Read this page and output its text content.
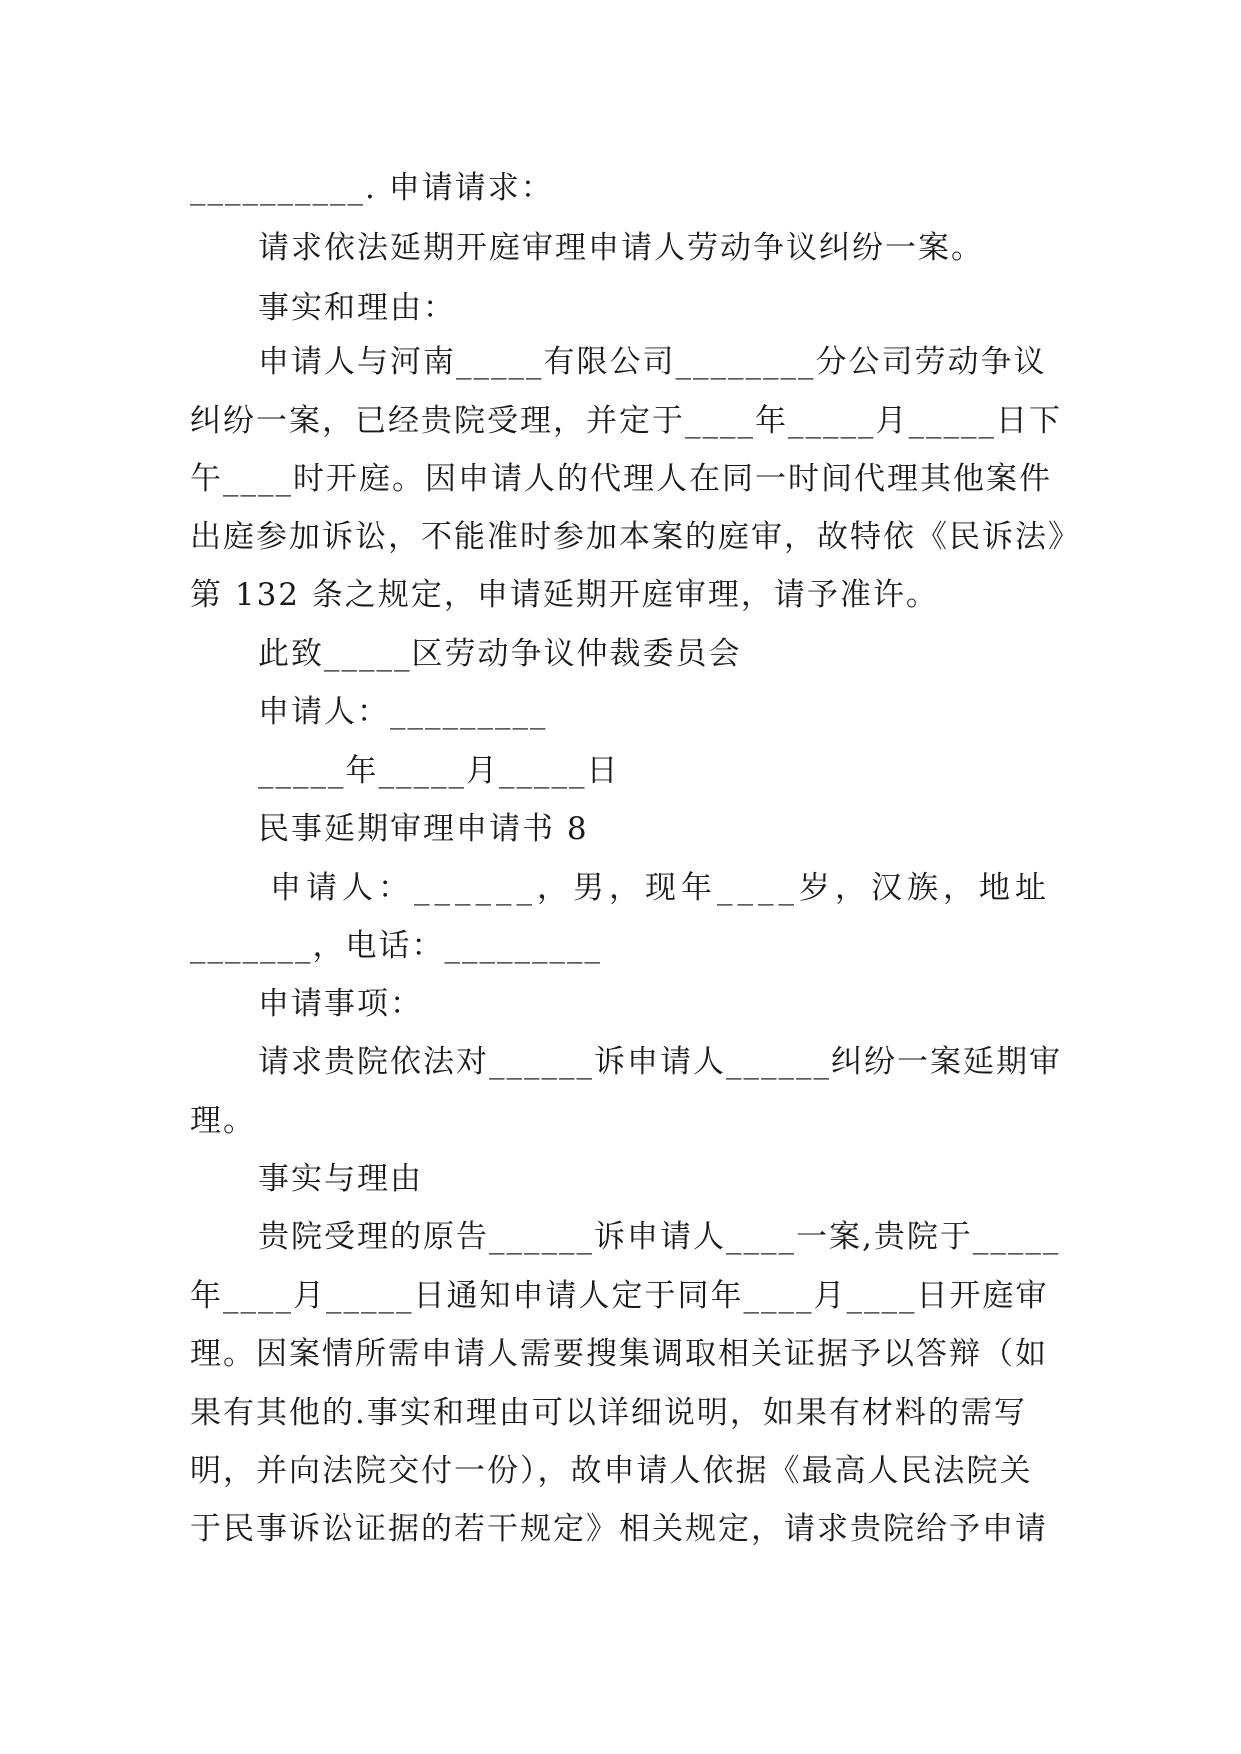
__________. 申请请求：
请求依法延期开庭审理申请人劳动争议纠纷一案。
事实和理由：
申请人与河南_____有限公司________分公司劳动争议
纠纷一案，已经贵院受理，并定于____年_____月_____日下
午____时开庭。因申请人的代理人在同一时间代理其他案件
出庭参加诉讼，不能准时参加本案的庭审，故特依《民诉法》
第 132 条之规定，申请延期开庭审理，请予准许。
此致_____区劳动争议仲裁委员会
申请人：_________
_____年_____月_____日
民事延期审理申请书 8
申请人：______，男，现年____岁，汉族，地址
_______，电话：_________
申请事项：
请求贵院依法对______诉申请人______纠纷一案延期审
理。
事实与理由
贵院受理的原告______诉申请人____一案,贵院于_____
年____月_____日通知申请人定于同年____月____日开庭审
理。因案情所需申请人需要搜集调取相关证据予以答辩（如
果有其他的.事实和理由可以详细说明，如果有材料的需写
明，并向法院交付一份），故申请人依据《最高人民法院关
于民事诉讼证据的若干规定》相关规定，请求贵院给予申请
